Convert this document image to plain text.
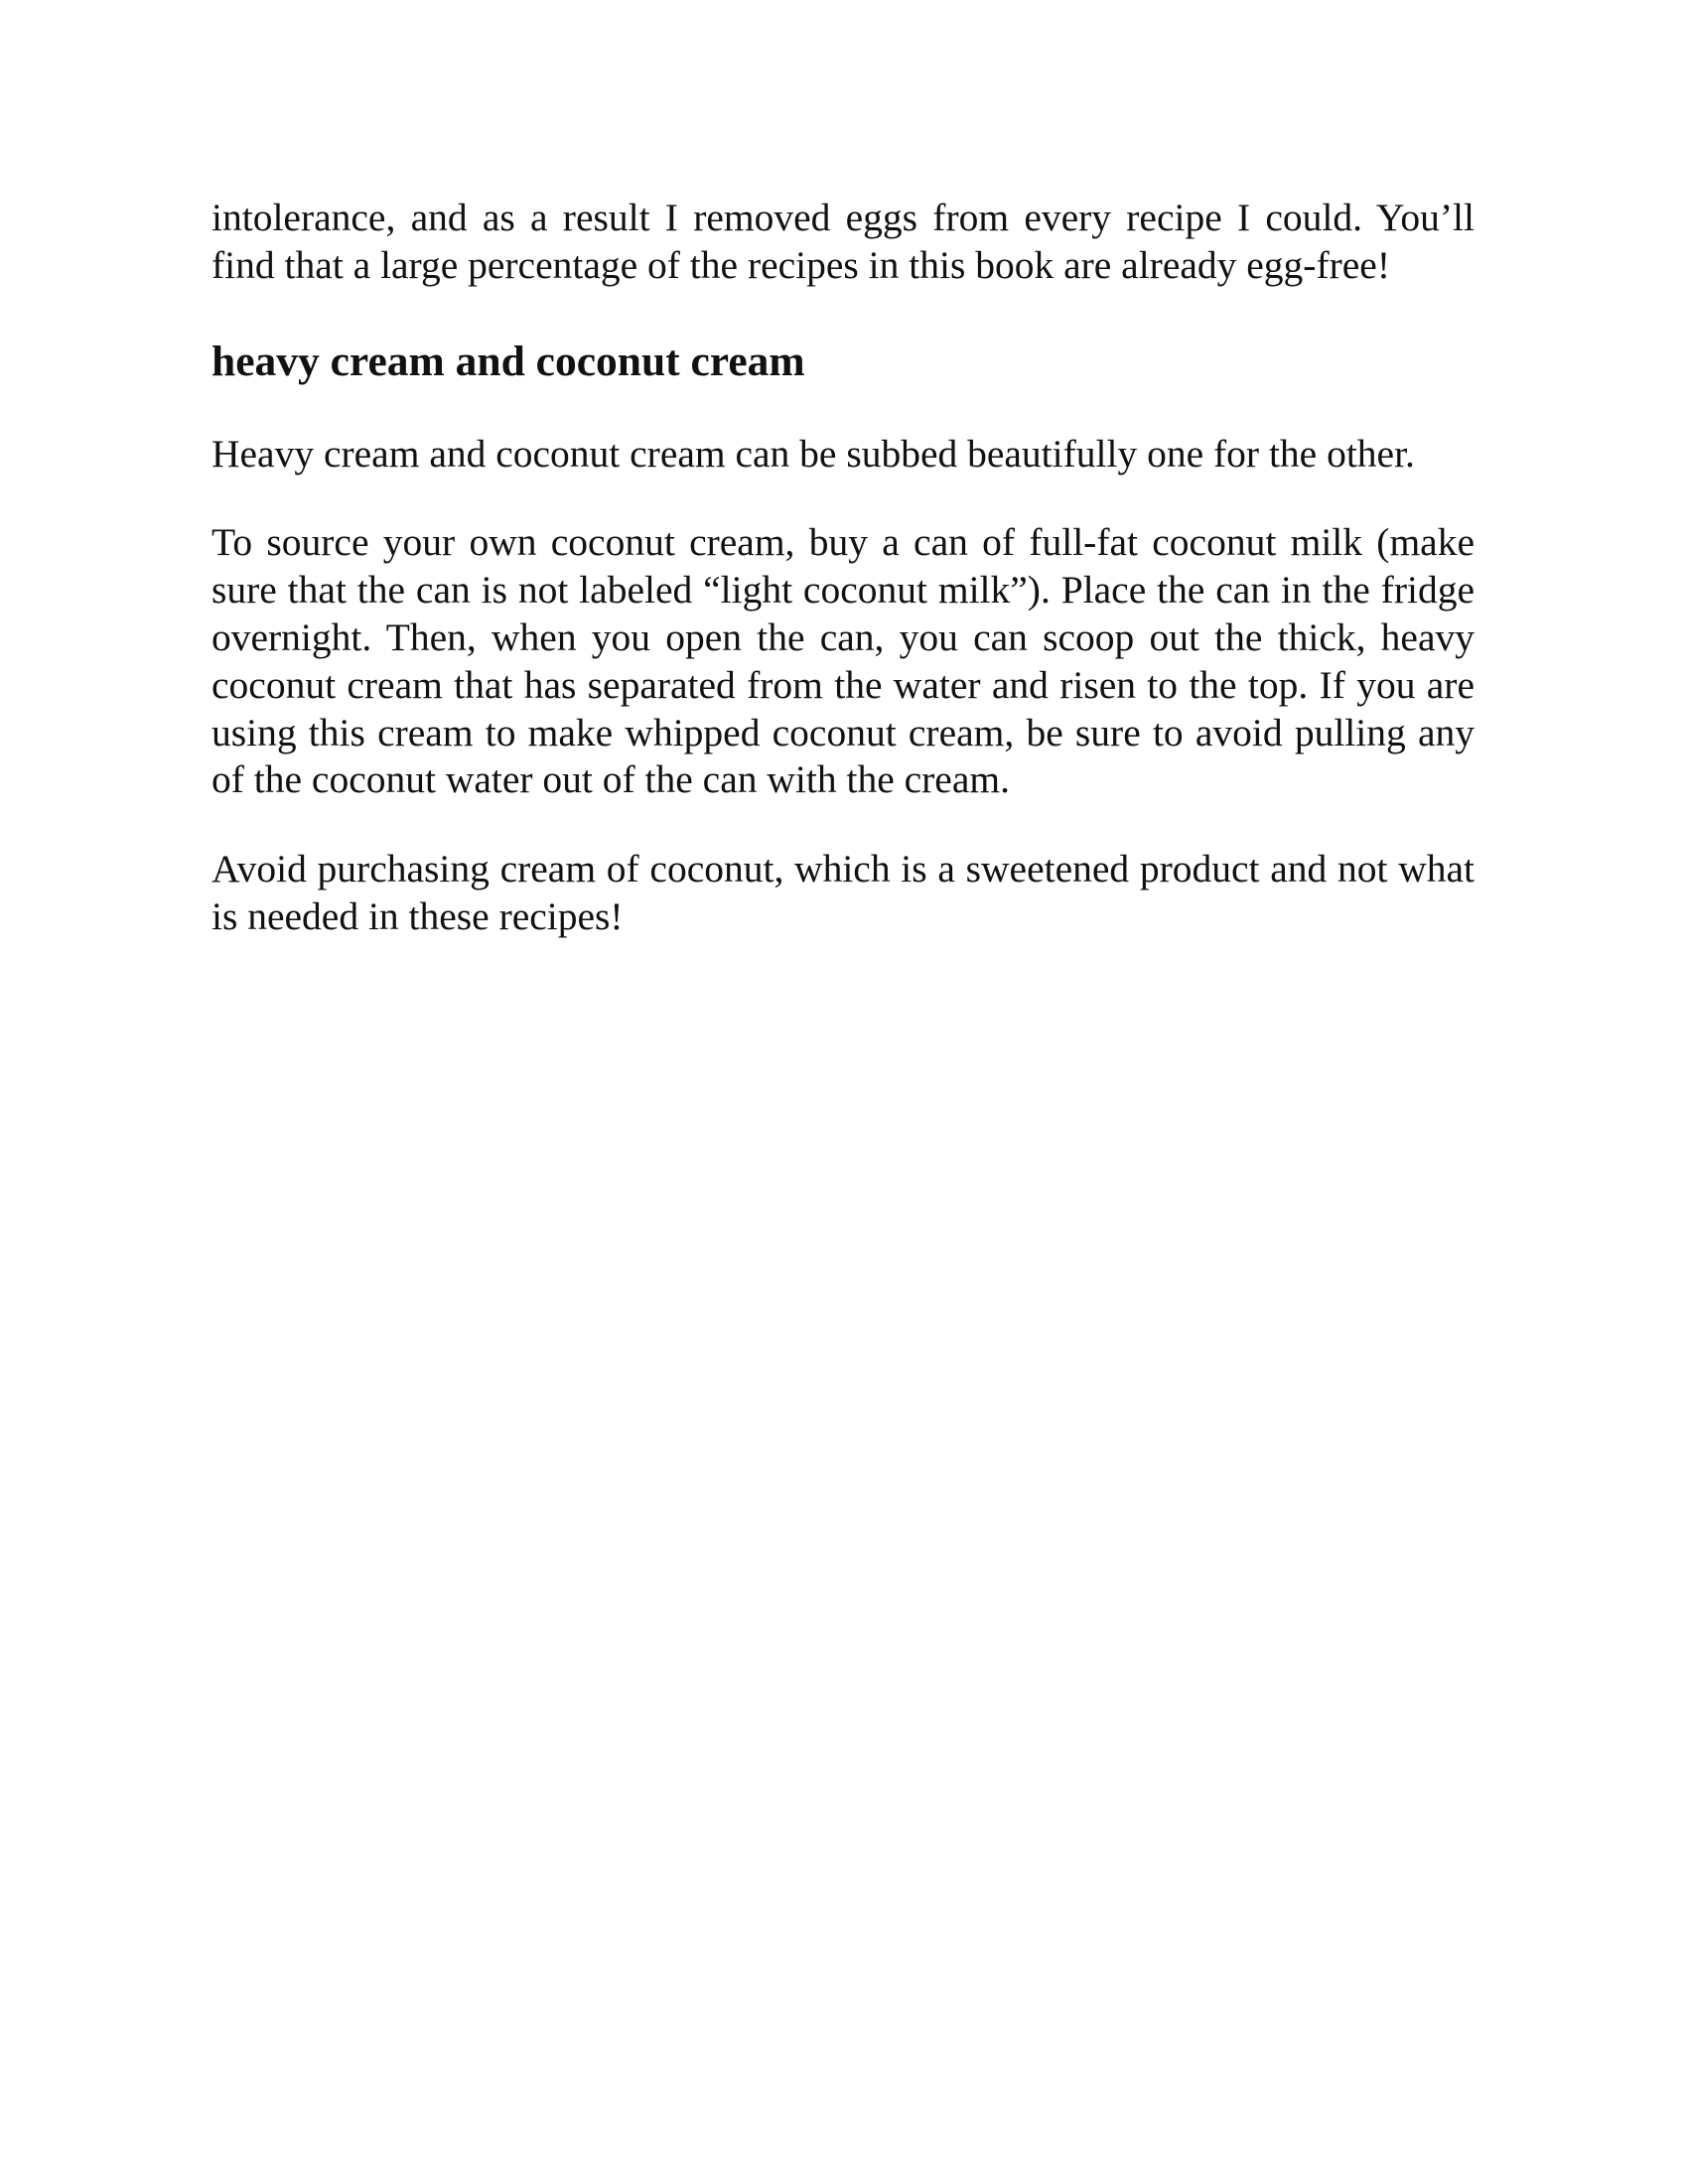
intolerance, and as a result I removed eggs from every recipe I could. You’ll find that a large percentage of the recipes in this book are already egg-free!

heavy cream and coconut cream

Heavy cream and coconut cream can be subbed beautifully one for the other.

To source your own coconut cream, buy a can of full-fat coconut milk (make sure that the can is not labeled “light coconut milk”). Place the can in the fridge overnight. Then, when you open the can, you can scoop out the thick, heavy coconut cream that has separated from the water and risen to the top. If you are using this cream to make whipped coconut cream, be sure to avoid pulling any of the coconut water out of the can with the cream.

Avoid purchasing cream of coconut, which is a sweetened product and not what is needed in these recipes!
